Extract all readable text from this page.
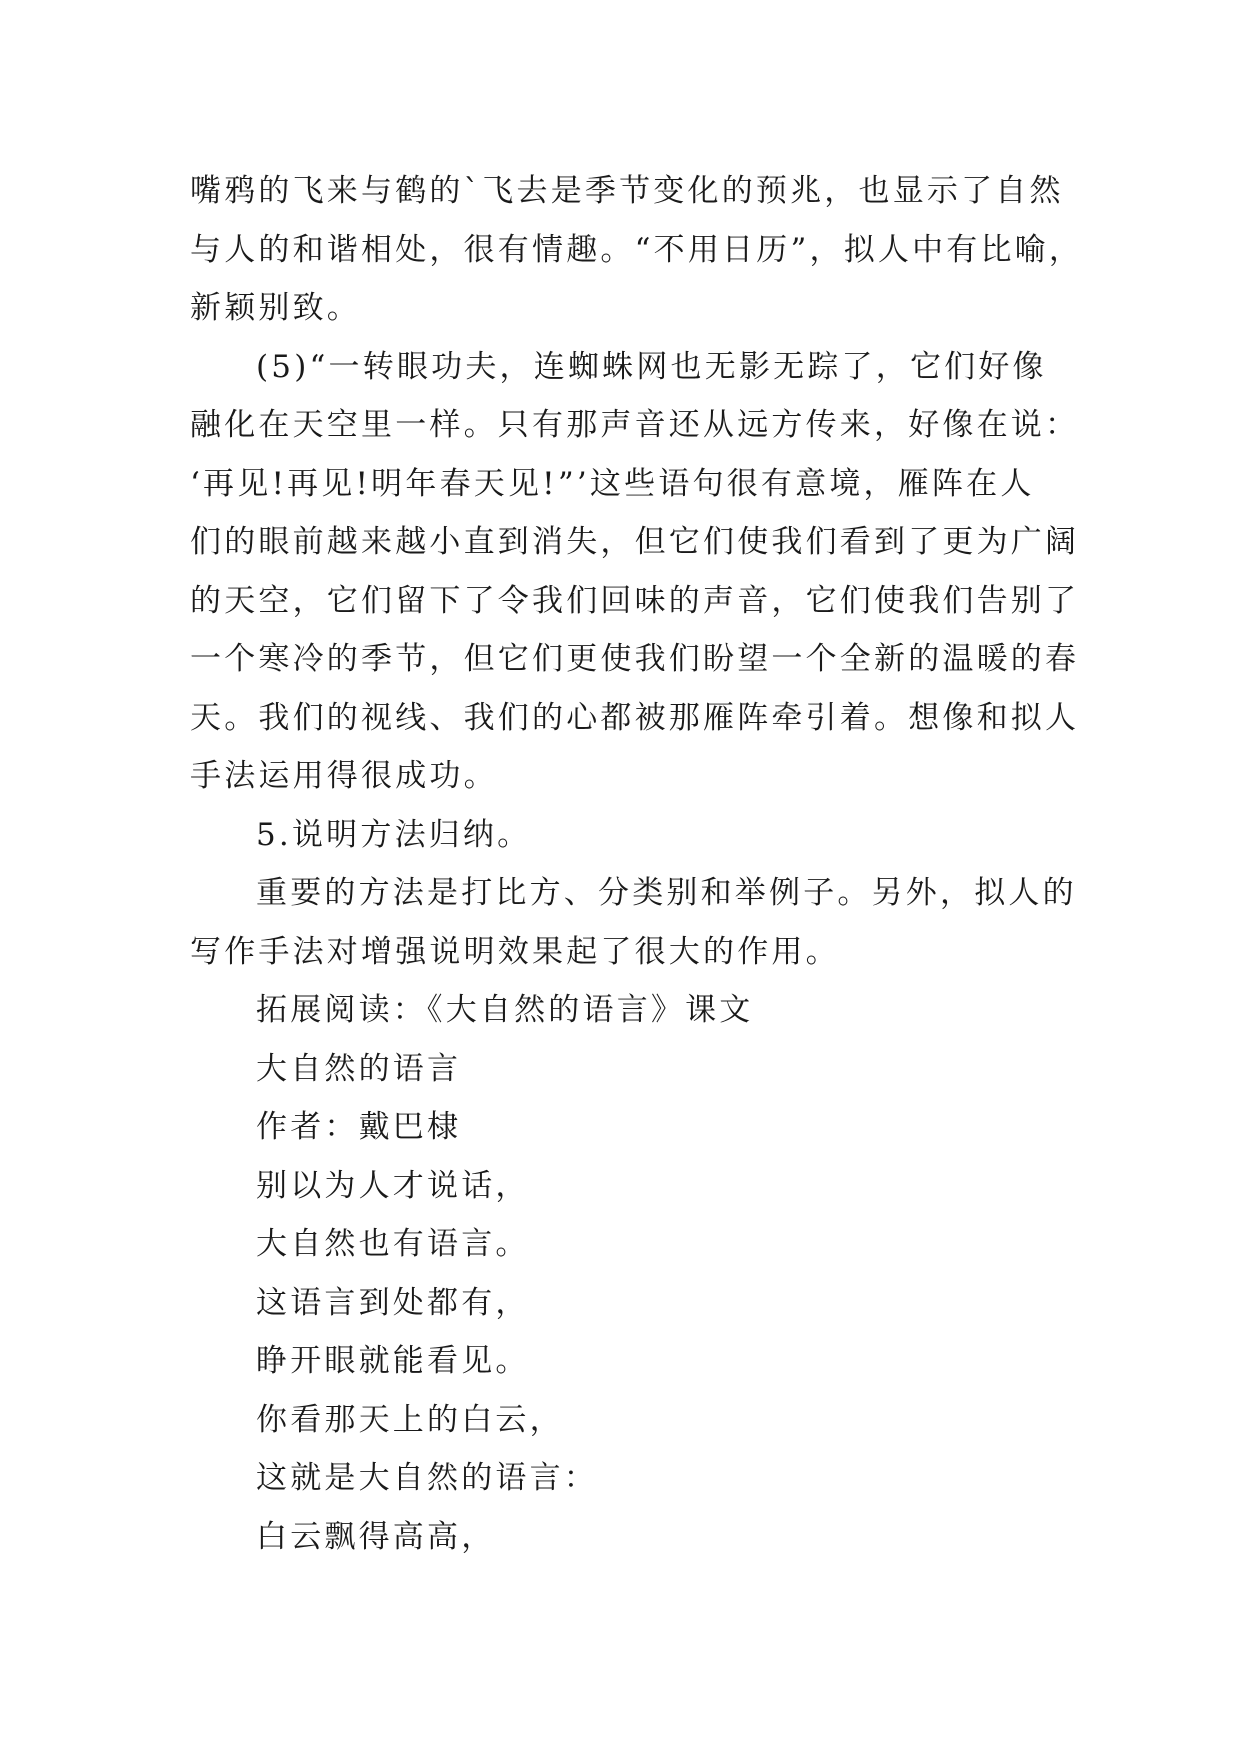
嘴鸦的飞来与鹤的`飞去是季节变化的预兆，也显示了自然
与人的和谐相处，很有情趣。“不用日历”，拟人中有比喻，
新颖别致。
(5)“一转眼功夫，连蜘蛛网也无影无踪了，它们好像
融化在天空里一样。只有那声音还从远方传来，好像在说：
‘再见!再见!明年春天见!”’这些语句很有意境，雁阵在人
们的眼前越来越小直到消失，但它们使我们看到了更为广阔
的天空，它们留下了令我们回味的声音，它们使我们告别了
一个寒冷的季节，但它们更使我们盼望一个全新的温暖的春
天。我们的视线、我们的心都被那雁阵牵引着。想像和拟人
手法运用得很成功。
5.说明方法归纳。
重要的方法是打比方、分类别和举例子。另外，拟人的
写作手法对增强说明效果起了很大的作用。
拓展阅读：《大自然的语言》课文
大自然的语言
作者：戴巴棣
别以为人才说话，
大自然也有语言。
这语言到处都有，
睁开眼就能看见。
你看那天上的白云，
这就是大自然的语言：
白云飘得高高，
